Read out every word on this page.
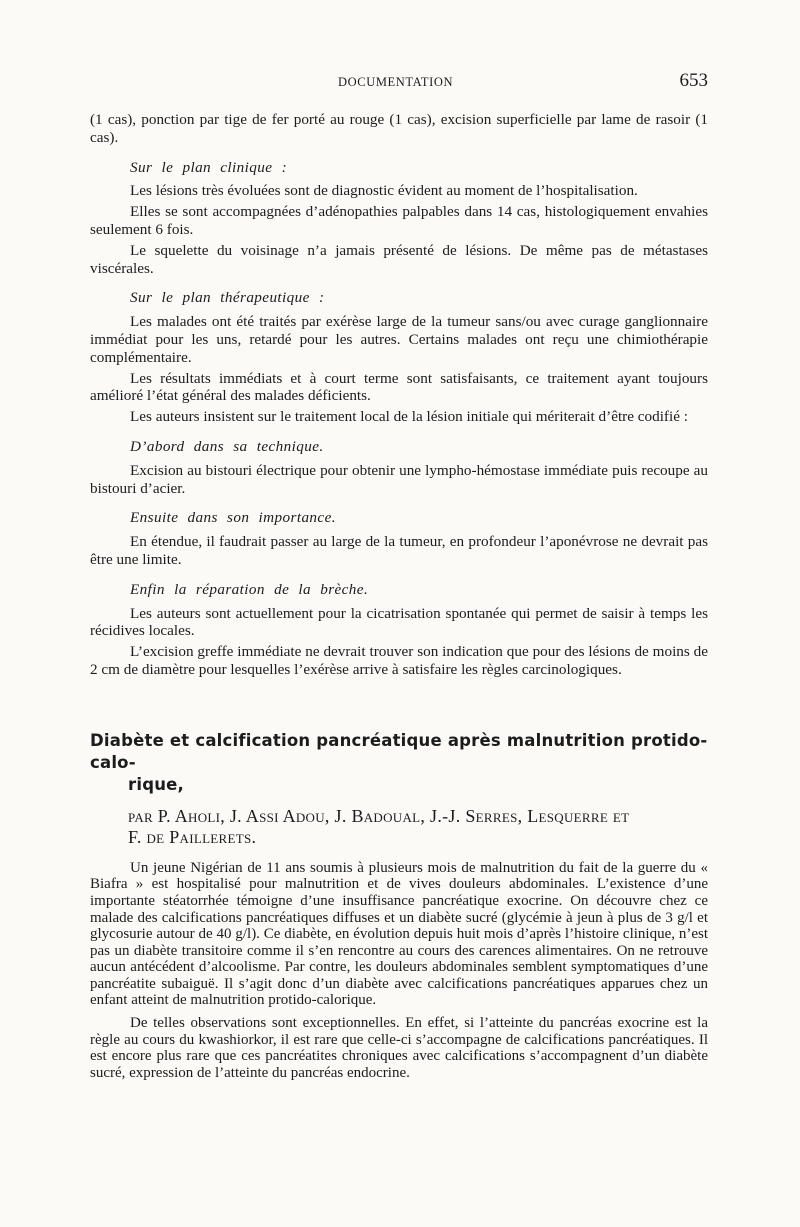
DOCUMENTATION	653

(1 cas), ponction par tige de fer porté au rouge (1 cas), excision superficielle par lame de rasoir (1 cas).

Sur le plan clinique :

Les lésions très évoluées sont de diagnostic évident au moment de l’hospitalisation.

Elles se sont accompagnées d’adénopathies palpables dans 14 cas, histologiquement envahies seulement 6 fois.

Le squelette du voisinage n’a jamais présenté de lésions. De même pas de métastases viscérales.

Sur le plan thérapeutique :

Les malades ont été traités par exérèse large de la tumeur sans/ou avec curage ganglionnaire immédiat pour les uns, retardé pour les autres. Certains malades ont reçu une chimiothérapie complémentaire.

Les résultats immédiats et à court terme sont satisfaisants, ce traitement ayant toujours amélioré l’état général des malades déficients.

Les auteurs insistent sur le traitement local de la lésion initiale qui mériterait d’être codifié :

D’abord dans sa technique.

Excision au bistouri électrique pour obtenir une lympho-hémostase immédiate puis recoupe au bistouri d’acier.

Ensuite dans son importance.

En étendue, il faudrait passer au large de la tumeur, en profondeur l’aponévrose ne devrait pas être une limite.

Enfin la réparation de la brèche.

Les auteurs sont actuellement pour la cicatrisation spontanée qui permet de saisir à temps les récidives locales.

L’excision greffe immédiate ne devrait trouver son indication que pour des lésions de moins de 2 cm de diamètre pour lesquelles l’exérèse arrive à satisfaire les règles carcinologiques.

Diabète et calcification pancréatique après malnutrition protido-calo-
rique,
par P. Aholi, J. Assi Adou, J. Badoual, J.-J. Serres, Lesquerre et
F. de Paillerets.

Un jeune Nigérian de 11 ans soumis à plusieurs mois de malnutrition du fait de la guerre du « Biafra » est hospitalisé pour malnutrition et de vives douleurs abdominales. L’existence d’une importante stéatorrhée témoigne d’une insuffisance pancréatique exocrine. On découvre chez ce malade des calcifications pancréatiques diffuses et un diabète sucré (glycémie à jeun à plus de 3 g/l et glycosurie autour de 40 g/l). Ce diabète, en évolution depuis huit mois d’après l’histoire clinique, n’est pas un diabète transitoire comme il s’en rencontre au cours des carences alimentaires. On ne retrouve aucun antécédent d’alcoolisme. Par contre, les douleurs abdominales semblent symptomatiques d’une pancréatite subaiguë. Il s’agit donc d’un diabète avec calcifications pancréatiques apparues chez un enfant atteint de malnutrition protido-calorique.

De telles observations sont exceptionnelles. En effet, si l’atteinte du pancréas exocrine est la règle au cours du kwashiorkor, il est rare que celle-ci s’accompagne de calcifications pancréatiques. Il est encore plus rare que ces pancréatites chroniques avec calcifications s’accompagnent d’un diabète sucré, expression de l’atteinte du pancréas endocrine.
